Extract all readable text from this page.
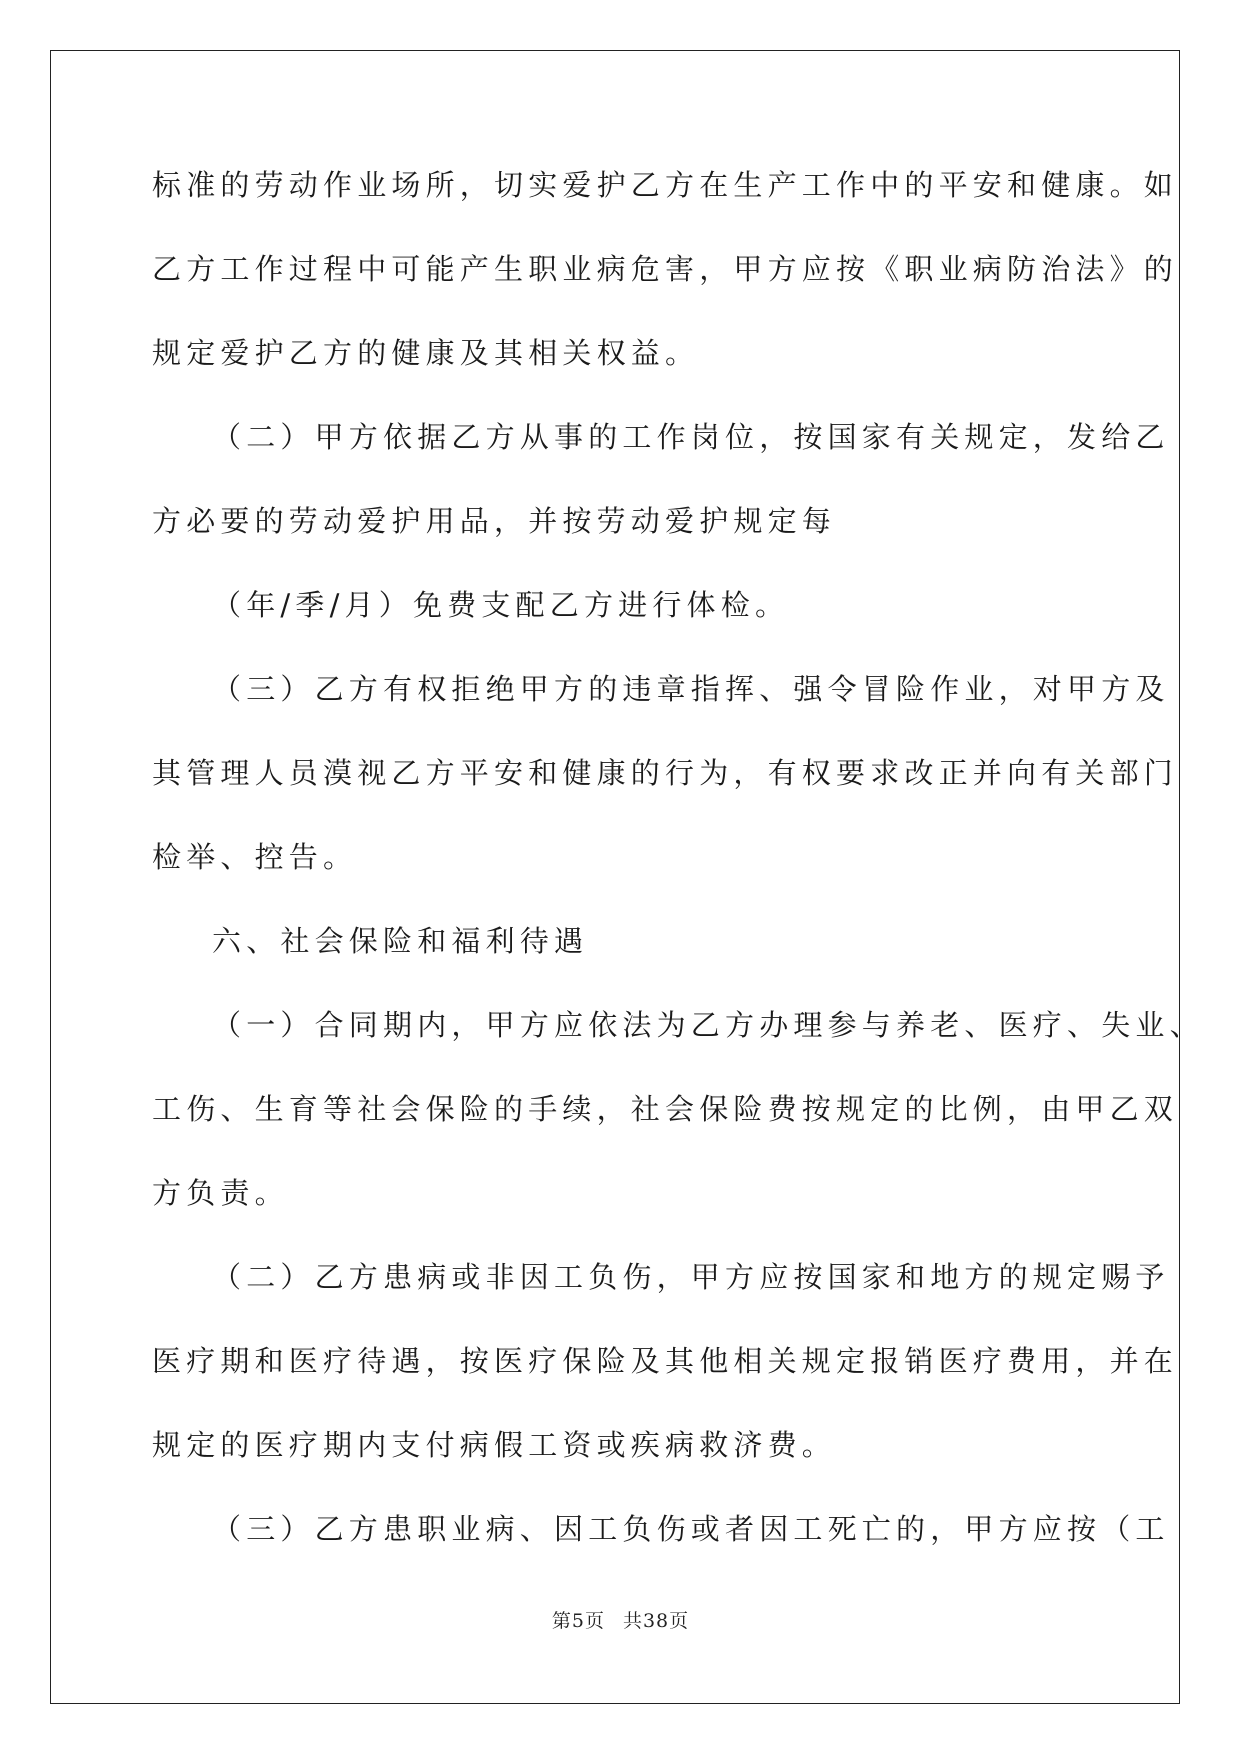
标准的劳动作业场所，切实爱护乙方在生产工作中的平安和健康。如
乙方工作过程中可能产生职业病危害，甲方应按《职业病防治法》的
规定爱护乙方的健康及其相关权益。
（二）甲方依据乙方从事的工作岗位，按国家有关规定，发给乙
方必要的劳动爱护用品，并按劳动爱护规定每
（年/季/月）免费支配乙方进行体检。
（三）乙方有权拒绝甲方的违章指挥、强令冒险作业，对甲方及
其管理人员漠视乙方平安和健康的行为，有权要求改正并向有关部门
检举、控告。
六、社会保险和福利待遇
（一）合同期内，甲方应依法为乙方办理参与养老、医疗、失业、
工伤、生育等社会保险的手续，社会保险费按规定的比例，由甲乙双
方负责。
（二）乙方患病或非因工负伤，甲方应按国家和地方的规定赐予
医疗期和医疗待遇，按医疗保险及其他相关规定报销医疗费用，并在
规定的医疗期内支付病假工资或疾病救济费。
（三）乙方患职业病、因工负伤或者因工死亡的，甲方应按（工
第5页 共38页
